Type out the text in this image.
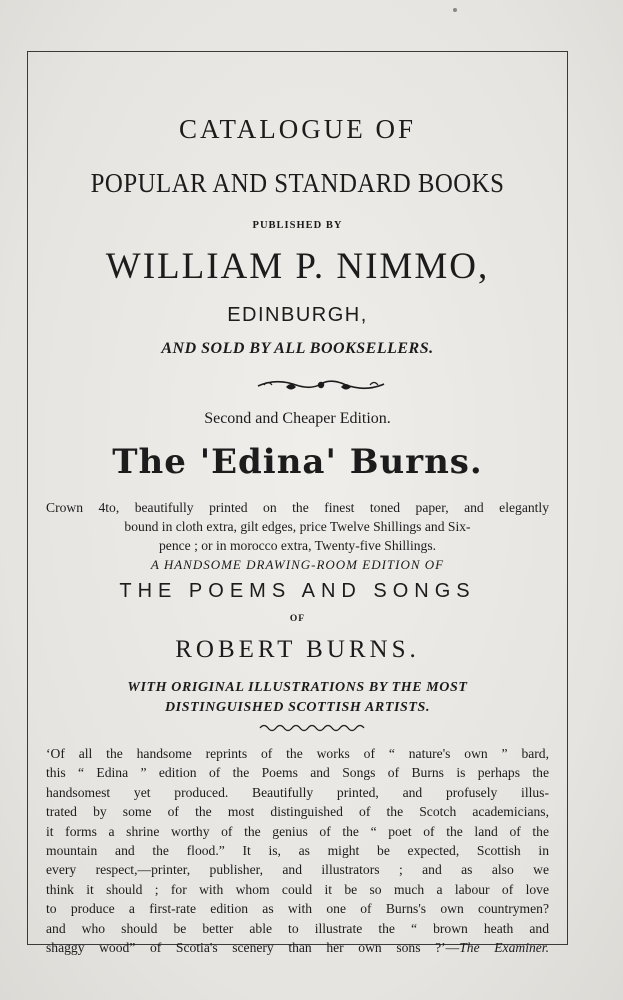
CATALOGUE OF
POPULAR AND STANDARD BOOKS
PUBLISHED BY
WILLIAM P. NIMMO,
EDINBURGH,
AND SOLD BY ALL BOOKSELLERS.
Second and Cheaper Edition.
The 'Edina' Burns.
Crown 4to, beautifully printed on the finest toned paper, and elegantly
bound in cloth extra, gilt edges, price Twelve Shillings and Six-
pence ; or in morocco extra, Twenty-five Shillings.
A HANDSOME DRAWING-ROOM EDITION OF
THE POEMS AND SONGS
OF
ROBERT BURNS.
WITH ORIGINAL ILLUSTRATIONS BY THE MOST
DISTINGUISHED SCOTTISH ARTISTS.
‘Of all the handsome reprints of the works of “ nature's own ” bard,
this “ Edina ” edition of the Poems and Songs of Burns is perhaps the
handsomest yet produced. Beautifully printed, and profusely illus-
trated by some of the most distinguished of the Scotch academicians,
it forms a shrine worthy of the genius of the “ poet of the land of the
mountain and the flood.” It is, as might be expected, Scottish in
every respect,—printer, publisher, and illustrators ; and as also we
think it should ; for with whom could it be so much a labour of love
to produce a first-rate edition as with one of Burns's own countrymen?
and who should be better able to illustrate the “ brown heath and
shaggy wood” of Scotia's scenery than her own sons ?’—The Examiner.
